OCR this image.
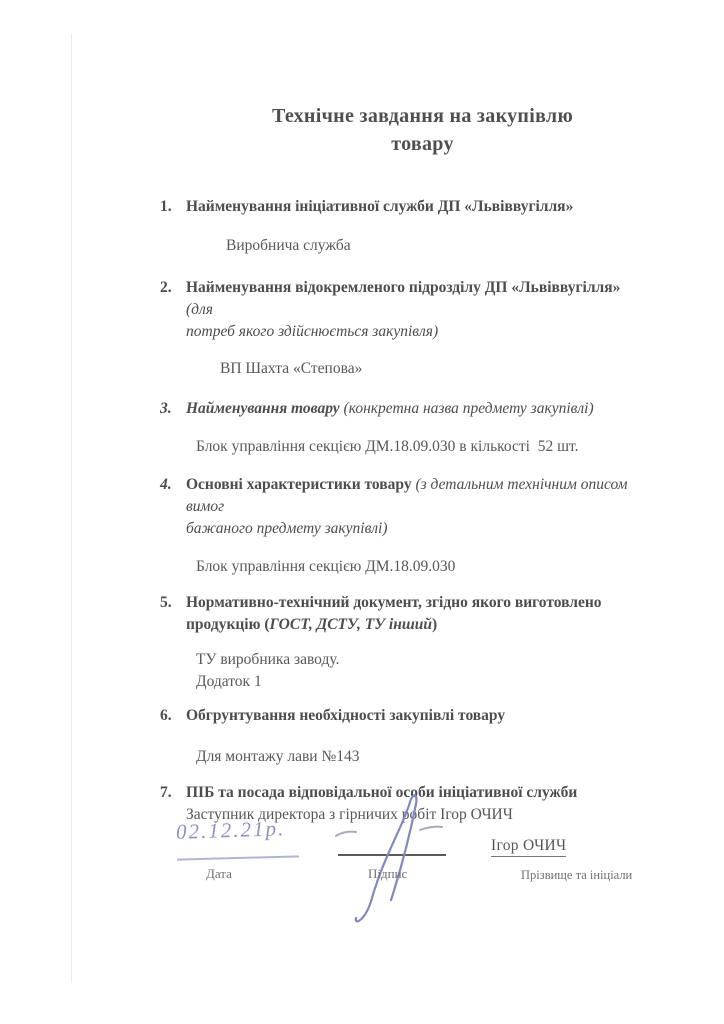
Технічне завдання на закупівлю
товару
1. Найменування ініціативної служби ДП «Львіввугілля»
Виробнича служба
2. Найменування відокремленого підрозділу ДП «Львіввугілля» (для
потреб якого здійснюється закупівля)
ВП Шахта «Степова»
3. Найменування товару (конкретна назва предмету закупівлі)
Блок управління секцією ДМ.18.09.030 в кількості  52 шт.
4. Основні характеристики товару (з детальним технічним описом вимог
бажаного предмету закупівлі)
Блок управління секцією ДМ.18.09.030
5. Нормативно-технічний документ, згідно якого виготовлено
продукцію (ГОСТ, ДСТУ, ТУ інший)
ТУ виробника заводу.
Додаток 1
6. Обгрунтування необхідності закупівлі товару
Для монтажу лави №143
7. ПІБ та посада відповідальної особи ініціативної служби
Заступник директора з гірничих робіт Ігор ОЧИЧ
02.12.21р.
Дата	Підпис
Ігор ОЧИЧ
Прізвище та ініціали
